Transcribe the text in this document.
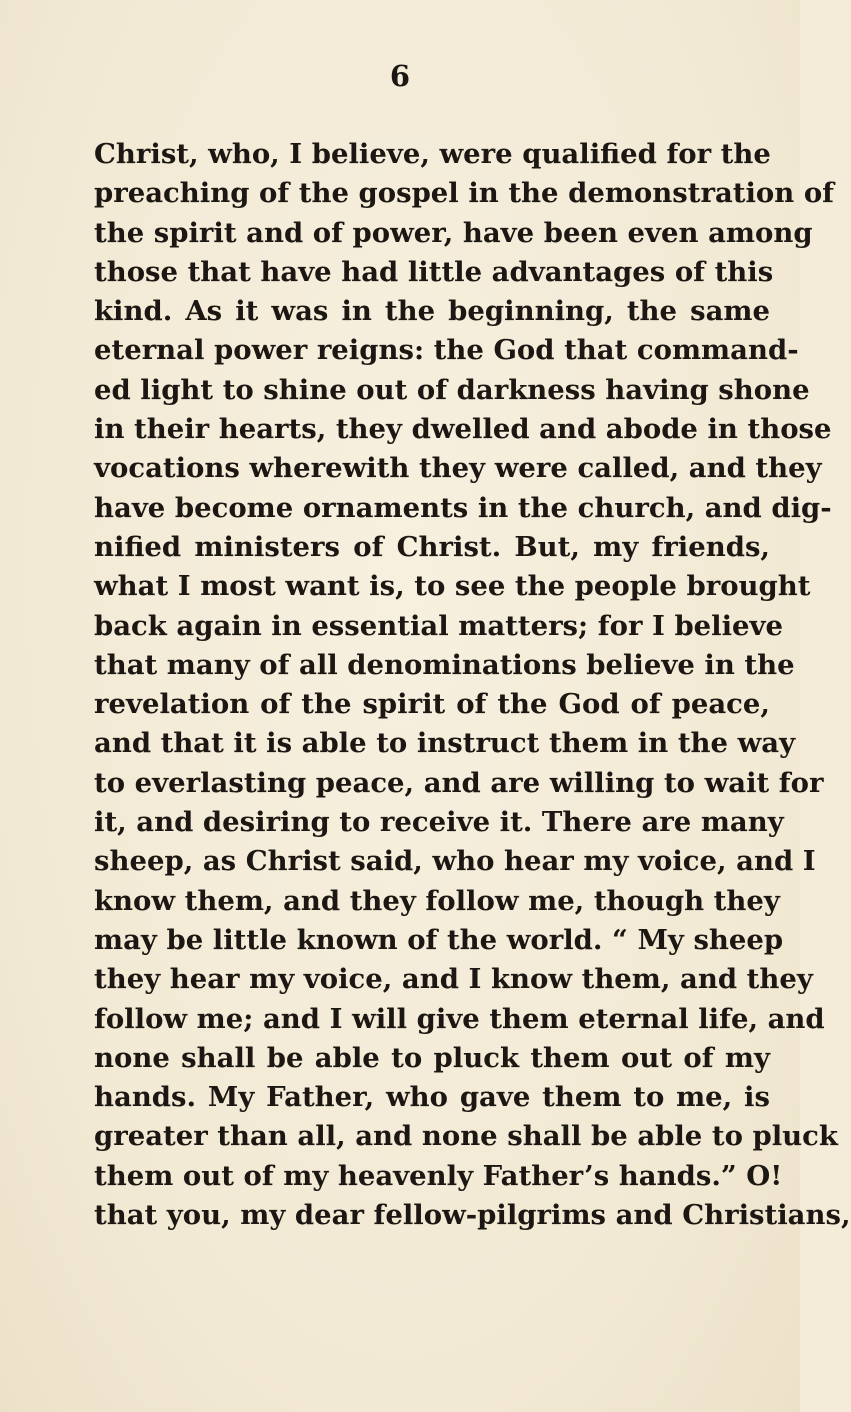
6
Christ, who, I believe, were qualified for the
preaching of the gospel in the demonstration of
the spirit and of power, have been even among
those that have had little advantages of this
kind. As it was in the beginning, the same
eternal power reigns: the God that command-
ed light to shine out of darkness having shone
in their hearts, they dwelled and abode in those
vocations wherewith they were called, and they
have become ornaments in the church, and dig-
nified ministers of Christ. But, my friends,
what I most want is, to see the people brought
back again in essential matters; for I believe
that many of all denominations believe in the
revelation of the spirit of the God of peace,
and that it is able to instruct them in the way
to everlasting peace, and are willing to wait for
it, and desiring to receive it. There are many
sheep, as Christ said, who hear my voice, and I
know them, and they follow me, though they
may be little known of the world. “ My sheep
they hear my voice, and I know them, and they
follow me; and I will give them eternal life, and
none shall be able to pluck them out of my
hands. My Father, who gave them to me, is
greater than all, and none shall be able to pluck
them out of my heavenly Father’s hands.” O!
that you, my dear fellow-pilgrims and Christians,
